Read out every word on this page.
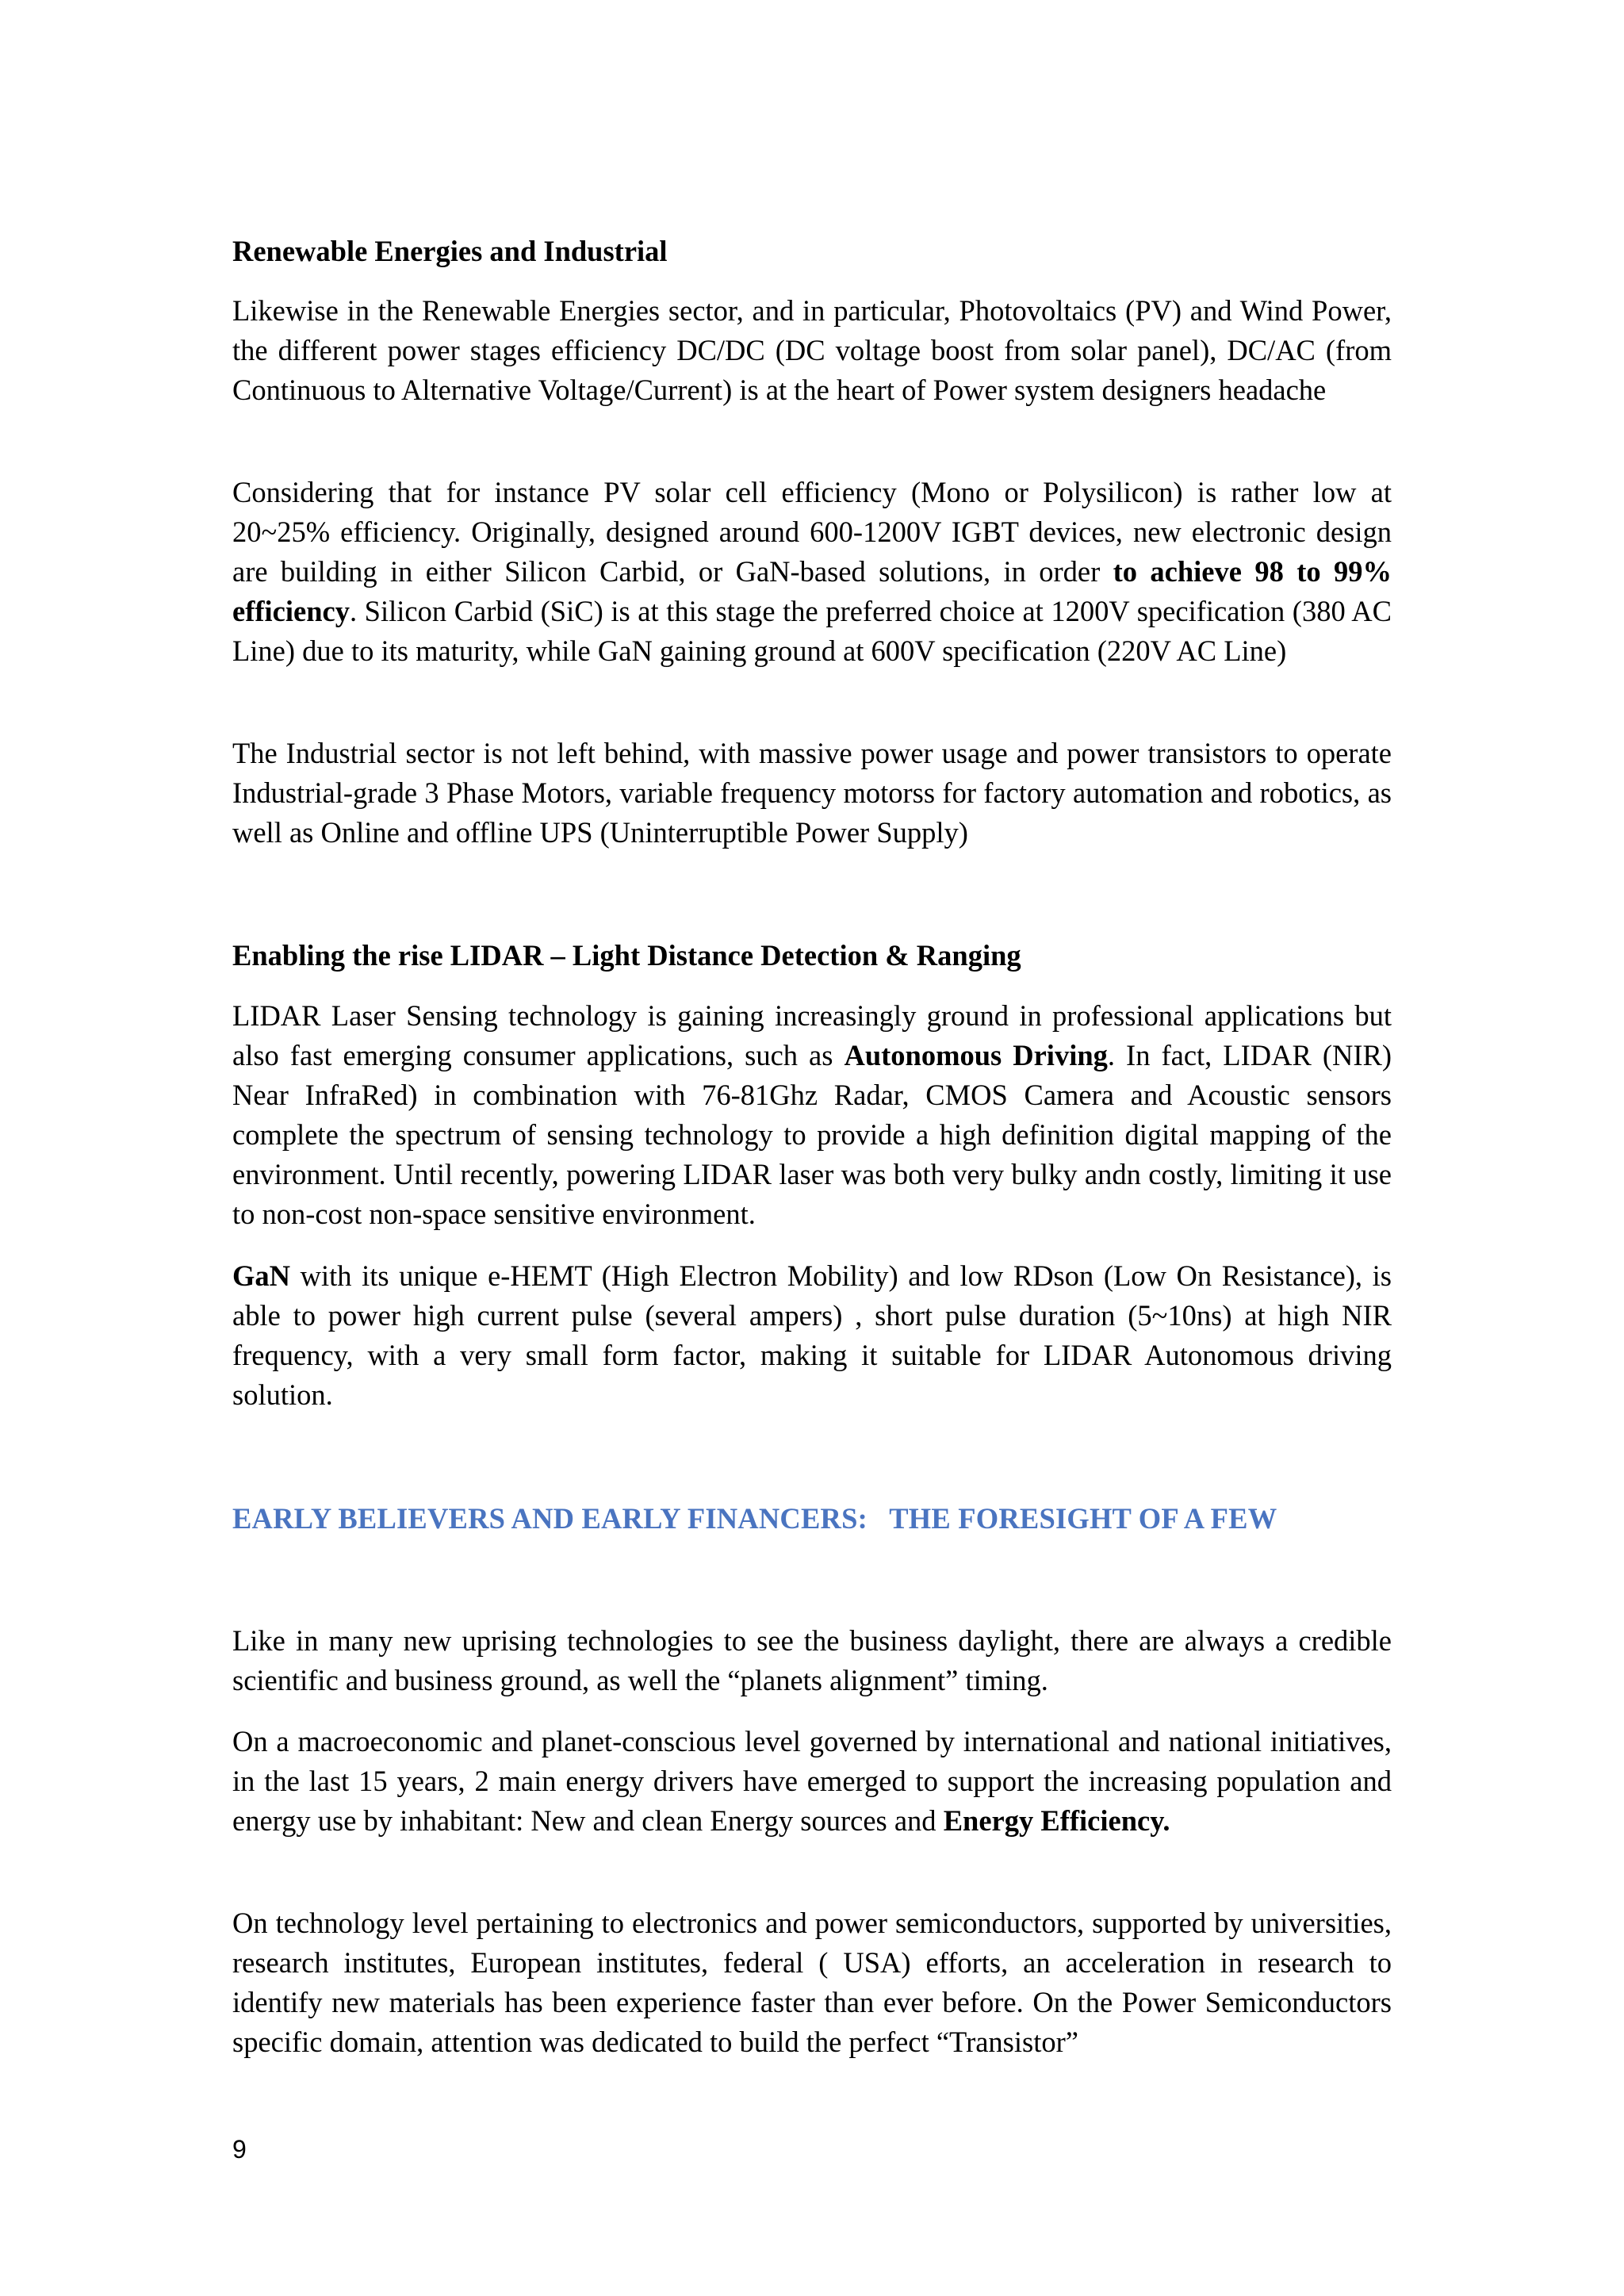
Renewable Energies and Industrial

Likewise in the Renewable Energies sector, and in particular, Photovoltaics (PV) and Wind Power, the different power stages efficiency DC/DC (DC voltage boost from solar panel), DC/AC (from Continuous to Alternative Voltage/Current) is at the heart of Power system designers headache

Considering that for instance PV solar cell efficiency (Mono or Polysilicon) is rather low at 20~25% efficiency. Originally, designed around 600-1200V IGBT devices, new electronic design are building in either Silicon Carbid, or GaN-based solutions, in order to achieve 98 to 99% efficiency. Silicon Carbid (SiC) is at this stage the preferred choice at 1200V specification (380 AC Line) due to its maturity, while GaN gaining ground at 600V specification (220V AC Line)

The Industrial sector is not left behind, with massive power usage and power transistors to operate Industrial-grade 3 Phase Motors, variable frequency motorss for factory automation and robotics, as well as Online and offline UPS (Uninterruptible Power Supply)

Enabling the rise LIDAR – Light Distance Detection & Ranging

LIDAR Laser Sensing technology is gaining increasingly ground in professional applications but also fast emerging consumer applications, such as Autonomous Driving. In fact, LIDAR (NIR) Near InfraRed) in combination with 76-81Ghz Radar, CMOS Camera and Acoustic sensors complete the spectrum of sensing technology to provide a high definition digital mapping of the environment. Until recently, powering LIDAR laser was both very bulky andn costly, limiting it use to non-cost non-space sensitive environment.

GaN with its unique e-HEMT (High Electron Mobility) and low RDson (Low On Resistance), is able to power high current pulse (several ampers) , short pulse duration (5~10ns) at high NIR frequency, with a very small form factor, making it suitable for LIDAR Autonomous driving solution.

EARLY BELIEVERS AND EARLY FINANCERS:   THE FORESIGHT OF A FEW

Like in many new uprising technologies to see the business daylight, there are always a credible scientific and business ground, as well the “planets alignment” timing.

On a macroeconomic and planet-conscious level governed by international and national initiatives, in the last 15 years, 2 main energy drivers have emerged to support the increasing population and energy use by inhabitant: New and clean Energy sources and Energy Efficiency.

On technology level pertaining to electronics and power semiconductors, supported by universities, research institutes, European institutes, federal ( USA) efforts, an acceleration in research to identify new materials has been experience faster than ever before. On the Power Semiconductors specific domain, attention was dedicated to build the perfect “Transistor”

9
